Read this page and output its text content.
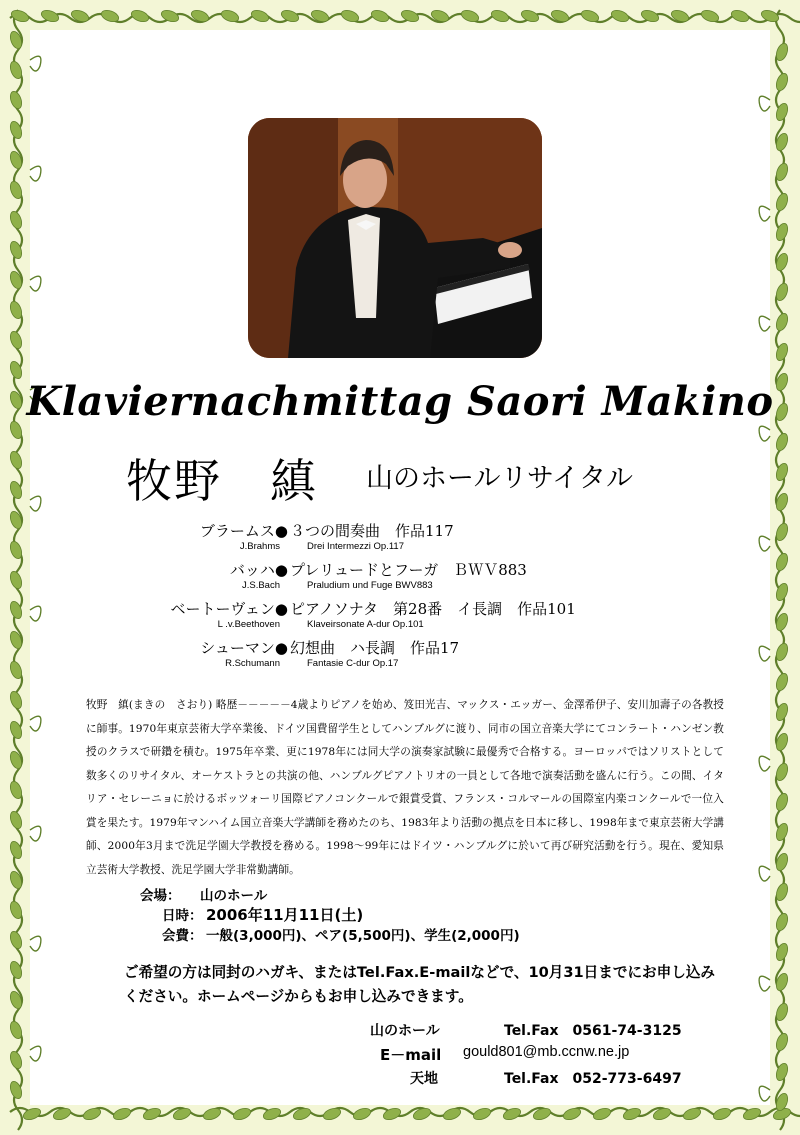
Klaviernachmittag Saori Makino
牧野　縝 山のホールリサイタル
ブラームス● ３つの間奏曲　作品117
J.Brahms	Drei Intermezzi Op.117
バッハ● プレリュードとフーガ　ＢＷＶ883
J.S.Bach	Praludium und Fuge BWV883
ベートーヴェン● ピアノソナタ　第28番　イ長調　作品101
L .v.Beethoven	Klaveirsonate A-dur Op.101
シューマン● 幻想曲　ハ長調　作品17
R.Schumann	Fantasie C-dur Op.17
牧野　縝(まきの　さおり) 略歴－－－－－4歳よりピアノを始め、笈田光吉、マックス・エッガー、金澤希伊子、安川加壽子の各教授に師事。1970年東京芸術大学卒業後、ドイツ国費留学生としてハンブルグに渡り、同市の国立音楽大学にてコンラート・ハンゼン教授のクラスで研鑽を積む。1975年卒業、更に1978年には同大学の演奏家試験に最優秀で合格する。ヨーロッパではソリストとして数多くのリサイタル、オーケストラとの共演の他、ハンブルグピアノトリオの一員として各地で演奏活動を盛んに行う。この間、イタリア・セレーニョに於けるボッツォーリ国際ピアノコンクールで銀賞受賞、フランス・コルマールの国際室内楽コンクールで一位入賞を果たす。1979年マンハイム国立音楽大学講師を務めたのち、1983年より活動の拠点を日本に移し、1998年まで東京芸術大学講師、2000年3月まで洗足学園大学教授を務める。1998～99年にはドイツ・ハンブルグに於いて再び研究活動を行う。現在、愛知県立芸術大学教授、洗足学園大学非常勤講師。
会場： 山のホール
日時： 2006年11月11日(土)
会費： 一般(3,000円)、ペア(5,500円)、学生(2,000円)
ご希望の方は同封のハガキ、またはTel.Fax.E-mailなどで、10月31日までにお申し込みください。ホームページからもお申し込みできます。
山のホール	Tel.Fax　0561-74-3125
E－mail gould801@mb.ccnw.ne.jp
天地	Tel.Fax　052-773-6497
